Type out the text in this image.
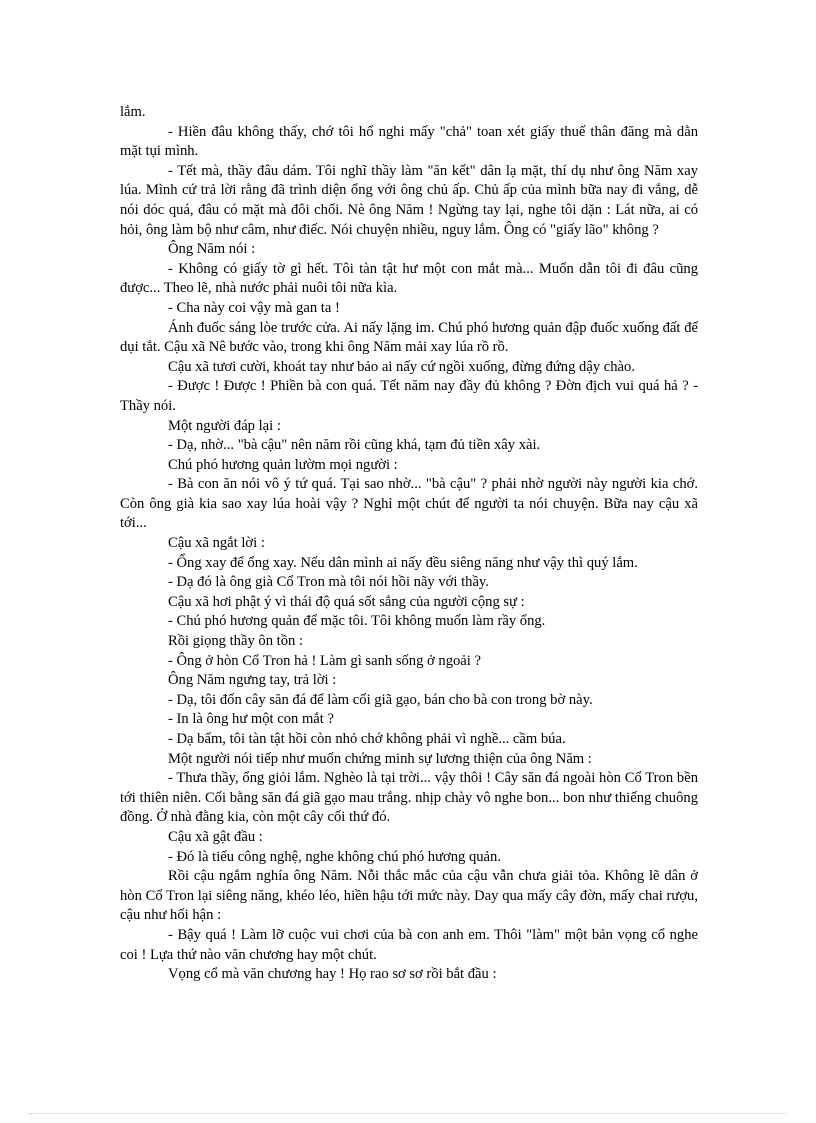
lắm.

- Hiền đâu không thấy, chớ tôi hổ nghi mấy "chả" toan xét giấy thuế thân đăng mà dằn mặt tụi mình.

- Tết mà, thầy đâu dám. Tôi nghĩ thầy làm "ăn kết" dân lạ mặt, thí dụ như ông Năm xay lúa. Mình cứ trả lời rằng đã trình diện ổng với ông chủ ấp. Chủ ấp của mình bữa nay đi vắng, dễ nói dóc quá, đâu có mặt mà đôi chối. Nè ông Năm ! Ngừng tay lại, nghe tôi dặn : Lát nữa, ai có hỏi, ông làm bộ như câm, như điếc. Nói chuyện nhiều, nguy lắm. Ông có "giấy lão" không ?

Ông Năm nói :

- Không có giấy tờ gì hết. Tôi tàn tật hư một con mắt mà... Muốn dẫn tôi đi đâu cũng được... Theo lẽ, nhà nước phải nuôi tôi nữa kìa.

- Cha này coi vậy mà gan ta !

Ánh đuốc sáng lòe trước cửa. Ai nấy lặng im. Chú phó hương quản đập đuốc xuống đất để dụi tắt. Cậu xã Nê bước vào, trong khi ông Năm mải xay lúa rồ rồ.

Cậu xã tươi cười, khoát tay như bảo ai nấy cứ ngồi xuống, đừng đứng dậy chào.

- Được ! Được ! Phiền bà con quá. Tết năm nay đầy đủ không ? Đờn địch vui quá hả ? - Thầy nói.

Một người đáp lại :

- Dạ, nhờ... "bà cậu" nên năm rồi cũng khá, tạm đủ tiền xây xài.

Chú phó hương quản lườm mọi người :

- Bà con ăn nói vô ý tứ quá. Tại sao nhờ... "bà cậu" ? phải nhờ người này người kia chớ. Còn ông già kia sao xay lúa hoài vậy ? Nghỉ một chút để người ta nói chuyện. Bữa nay cậu xã tới...

Cậu xã ngắt lời :

- Ổng xay để ổng xay. Nếu dân mình ai nấy đều siêng năng như vậy thì quý lắm.

- Dạ đó là ông già Cổ Tron mà tôi nói hồi nãy với thầy.

Cậu xã hơi phật ý vì thái độ quá sốt sắng của người cộng sự :

- Chú phó hương quản để mặc tôi. Tôi không muốn làm rầy ổng.

Rồi giọng thầy ôn tồn :

- Ông ở hòn Cổ Tron hả ! Làm gì sanh sống ở ngoải ?

Ông Năm ngưng tay, trả lời :

- Dạ, tôi đốn cây săn đá để làm cối giã gạo, bán cho bà con trong bờ này.

- In là ông hư một con mắt ?

- Dạ bẩm, tôi tàn tật hồi còn nhỏ chớ không phải vì nghề... cầm búa.

Một người nói tiếp như muốn chứng minh sự lương thiện của ông Năm :

- Thưa thầy, ổng giỏi lắm. Nghèo là tại trời... vậy thôi ! Cây săn đá ngoài hòn Cổ Tron bền tới thiên niên. Cối bằng săn đá giã gạo mau trắng. nhịp chày vô nghe bon... bon như thiếng chuông đồng. Ở nhà đằng kia, còn một cây cối thứ đó.

Cậu xã gật đầu :

- Đó là tiểu công nghệ, nghe không chú phó hương quản.

Rồi cậu ngắm nghía ông Năm. Nỗi thắc mắc của cậu vẫn chưa giải tỏa. Không lẽ dân ở hòn Cổ Tron lại siêng năng, khéo léo, hiền hậu tới mức này. Day qua mấy cây đờn, mấy chai rượu, cậu như hối hận :

- Bậy quá ! Làm lỡ cuộc vui chơi của bà con anh em. Thôi "làm" một bản vọng cổ nghe coi ! Lựa thứ nào văn chương hay một chút.

Vọng cổ mà văn chương hay ! Họ rao sơ sơ rồi bắt đầu :
